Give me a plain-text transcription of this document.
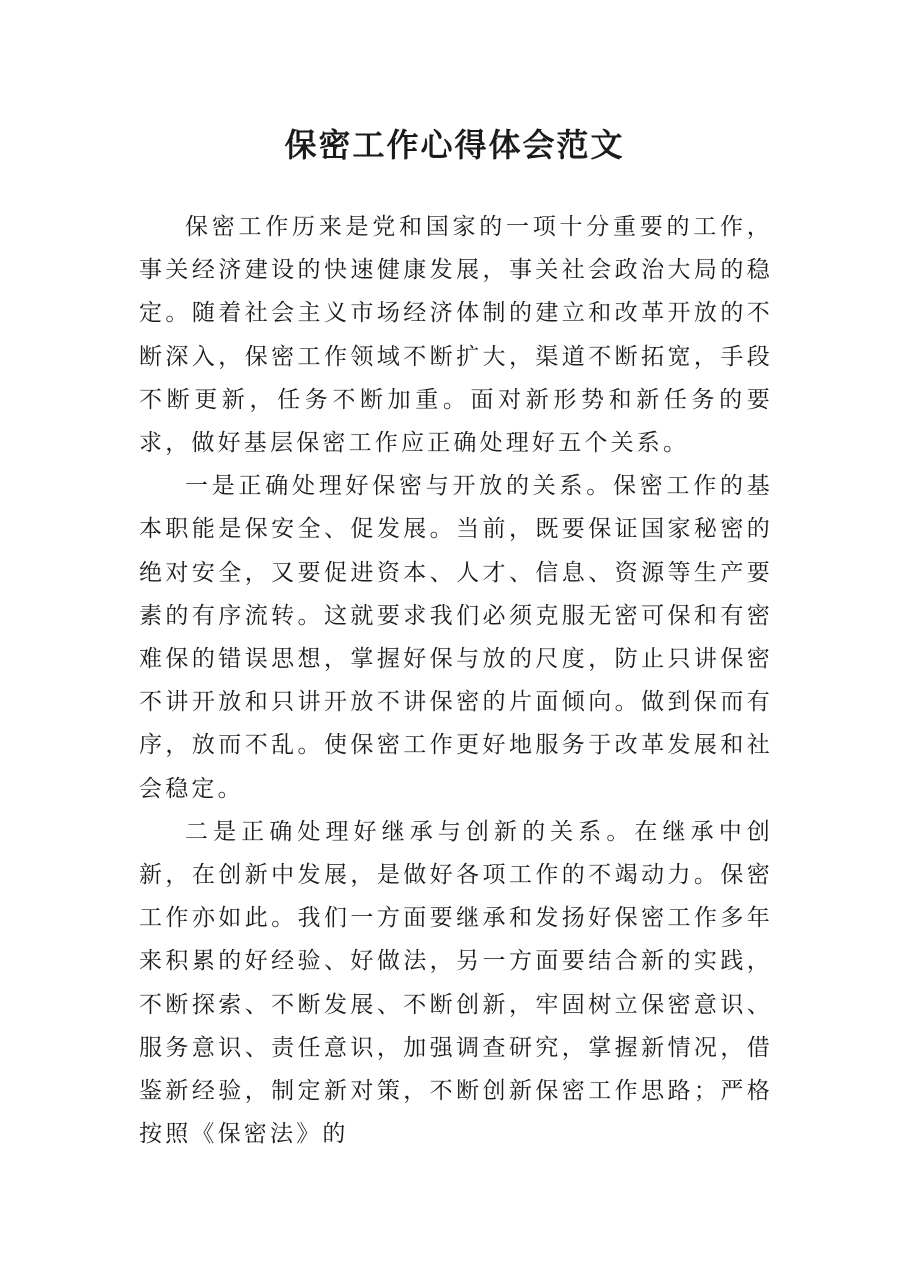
保密工作心得体会范文

保密工作历来是党和国家的一项十分重要的工作，事关经济建设的快速健康发展，事关社会政治大局的稳定。随着社会主义市场经济体制的建立和改革开放的不断深入，保密工作领域不断扩大，渠道不断拓宽，手段不断更新，任务不断加重。面对新形势和新任务的要求，做好基层保密工作应正确处理好五个关系。

一是正确处理好保密与开放的关系。保密工作的基本职能是保安全、促发展。当前，既要保证国家秘密的绝对安全，又要促进资本、人才、信息、资源等生产要素的有序流转。这就要求我们必须克服无密可保和有密难保的错误思想，掌握好保与放的尺度，防止只讲保密不讲开放和只讲开放不讲保密的片面倾向。做到保而有序，放而不乱。使保密工作更好地服务于改革发展和社会稳定。

二是正确处理好继承与创新的关系。在继承中创新，在创新中发展，是做好各项工作的不竭动力。保密工作亦如此。我们一方面要继承和发扬好保密工作多年来积累的好经验、好做法，另一方面要结合新的实践，不断探索、不断发展、不断创新，牢固树立保密意识、服务意识、责任意识，加强调查研究，掌握新情况，借鉴新经验，制定新对策，不断创新保密工作思路；严格按照《保密法》的
